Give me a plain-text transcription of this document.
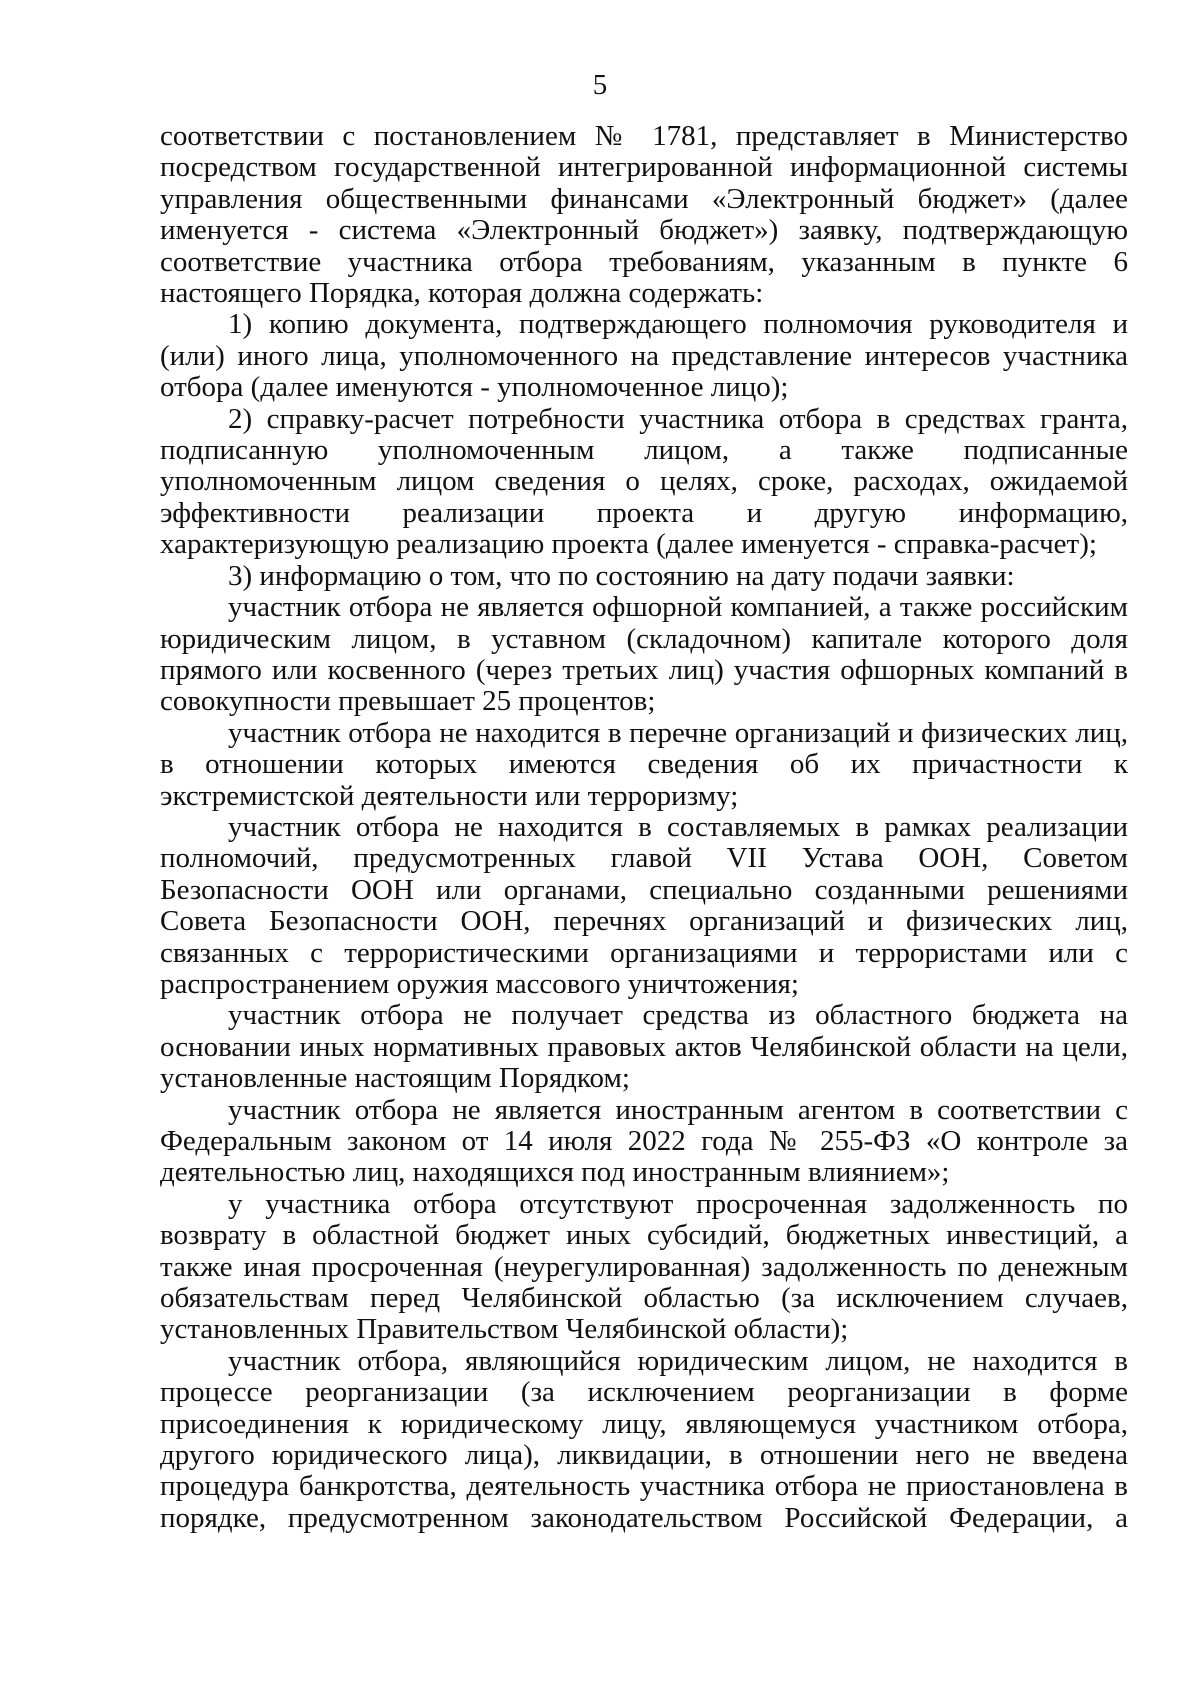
5

соответствии с постановлением № 1781, представляет в Министерство посредством государственной интегрированной информационной системы управления общественными финансами «Электронный бюджет» (далее именуется - система «Электронный бюджет») заявку, подтверждающую соответствие участника отбора требованиям, указанным в пункте 6 настоящего Порядка, которая должна содержать:

1) копию документа, подтверждающего полномочия руководителя и (или) иного лица, уполномоченного на представление интересов участника отбора (далее именуются - уполномоченное лицо);

2) справку-расчет потребности участника отбора в средствах гранта, подписанную уполномоченным лицом, а также подписанные уполномоченным лицом сведения о целях, сроке, расходах, ожидаемой эффективности реализации проекта и другую информацию, характеризующую реализацию проекта (далее именуется - справка-расчет);

3) информацию о том, что по состоянию на дату подачи заявки:

участник отбора не является офшорной компанией, а также российским юридическим лицом, в уставном (складочном) капитале которого доля прямого или косвенного (через третьих лиц) участия офшорных компаний в совокупности превышает 25 процентов;

участник отбора не находится в перечне организаций и физических лиц, в отношении которых имеются сведения об их причастности к экстремистской деятельности или терроризму;

участник отбора не находится в составляемых в рамках реализации полномочий, предусмотренных главой VII Устава ООН, Советом Безопасности ООН или органами, специально созданными решениями Совета Безопасности ООН, перечнях организаций и физических лиц, связанных с террористическими организациями и террористами или с распространением оружия массового уничтожения;

участник отбора не получает средства из областного бюджета на основании иных нормативных правовых актов Челябинской области на цели, установленные настоящим Порядком;

участник отбора не является иностранным агентом в соответствии с Федеральным законом от 14 июля 2022 года № 255-ФЗ «О контроле за деятельностью лиц, находящихся под иностранным влиянием»;

у участника отбора отсутствуют просроченная задолженность по возврату в областной бюджет иных субсидий, бюджетных инвестиций, а также иная просроченная (неурегулированная) задолженность по денежным обязательствам перед Челябинской областью (за исключением случаев, установленных Правительством Челябинской области);

участник отбора, являющийся юридическим лицом, не находится в процессе реорганизации (за исключением реорганизации в форме присоединения к юридическому лицу, являющемуся участником отбора, другого юридического лица), ликвидации, в отношении него не введена процедура банкротства, деятельность участника отбора не приостановлена в порядке, предусмотренном законодательством Российской Федерации, а
